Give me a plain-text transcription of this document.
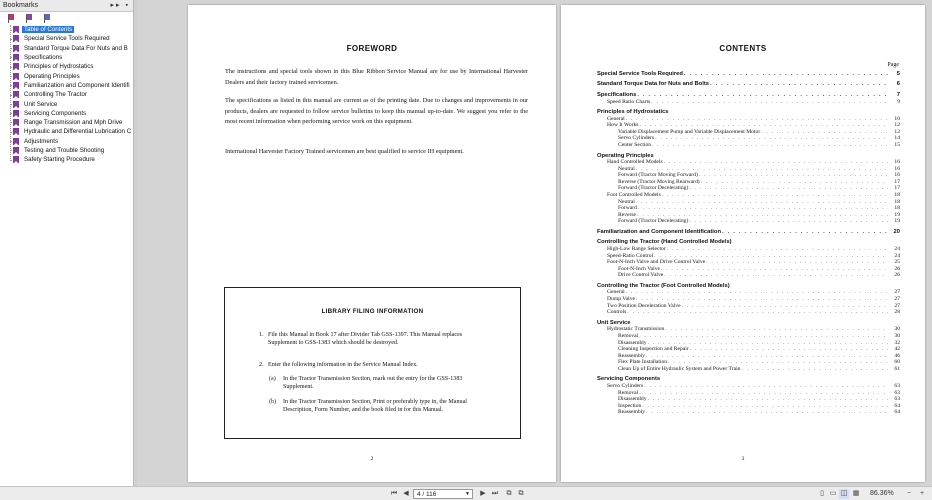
Bookmarks	▸▸ ▪
Table of Contents
Special Service Tools Required
Standard Torque Data For Nuts and B
Specifications
Principles of Hydrostatics
Operating Principles
Familiarization and Component Identifi
Controlling The Tractor
Unit Service
Servicing Components
Range Transmission and Mph Drive
Hydraulic and Differential Lubrication C
Adjustments
Testing and Trouble Shooting
Safety Starting Procedure
FOREWORD

The instructions and special tools shown in this Blue Ribbon Service Manual are for use by International Harvester Dealers and their factory trained servicemen.

The specifications as listed in this manual are current as of the printing date. Due to changes and improvements in our products, dealers are requested to follow service bulletins to keep this manual up-to-date. We suggest you refer to the most recent information when performing service work on this equipment.

International Harvester Factory Trained servicemen are best qualified to service IH equipment.

LIBRARY FILING INFORMATION
1. File this Manual in Book 17 after Divider Tab GSS-1397. This Manual replaces Supplement to GSS-1383 which should be destroyed.
2. Enter the following information in the Service Manual Index.
(a) In the Tractor Transmission Section, mark out the entry for the GSS-1383 Supplement.
(b) In the Tractor Transmission Section, Print or preferably type in, the Manual Description, Form Number, and the book filed in for this Manual.
2
CONTENTS
Page
Special Service Tools Required . . .	5
Standard Torque Data for Nuts and Bolts . . .	6
Specifications . . .	7
Speed Ratio Charts . . .	9
Principles of Hydrostatics
General . . .	10
How It Works . . .	12
Variable Displacement Pump and Variable Displacement Motor . . .	12
Servo Cylinders . . .	14
Center Section . . .	15
Operating Principles
Hand Controlled Models . . .	16
Neutral . . .	16
Forward (Tractor Moving Forward) . . .	16
Reverse (Tractor Moving Rearward) . . .	17
Forward (Tractor Decelerating) . . .	17
Foot Controlled Models . . .	18
Neutral . . .	18
Forward . . .	18
Reverse . . .	19
Forward (Tractor Decelerating) . . .	19
Familiarization and Component Identification . . .	20
Controlling the Tractor (Hand Controlled Models)
High-Low Range Selector . . .	24
Speed-Ratio Control . . .	24
Foot-N-Inch Valve and Drive Control Valve . . .	25
Foot-N-Inch Valve . . .	26
Drive Control Valve . . .	26
Controlling the Tractor (Foot Controlled Models)
General . . .	27
Dump Valve . . .	27
Two Position Deceleration Valve . . .	27
Controls . . .	28
Unit Service
Hydrostatic Transmission . . .	30
Removal . . .	30
Disassembly . . .	32
Cleaning Inspection and Repair . . .	42
Reassembly . . .	46
Flex Plate Installation . . .	60
Clean Up of Entire Hydraulic System and Power Train . . .	61
Servicing Components
Servo Cylinders . . .	63
Removal . . .	63
Disassembly . . .	63
Inspection . . .	64
Reassembly . . .	64
3
⏮ ◀	4 / 116	▼	▶ ⏭	⧉	⧉	▯ ▭ ◫ ▦ 86.36%	−	+
